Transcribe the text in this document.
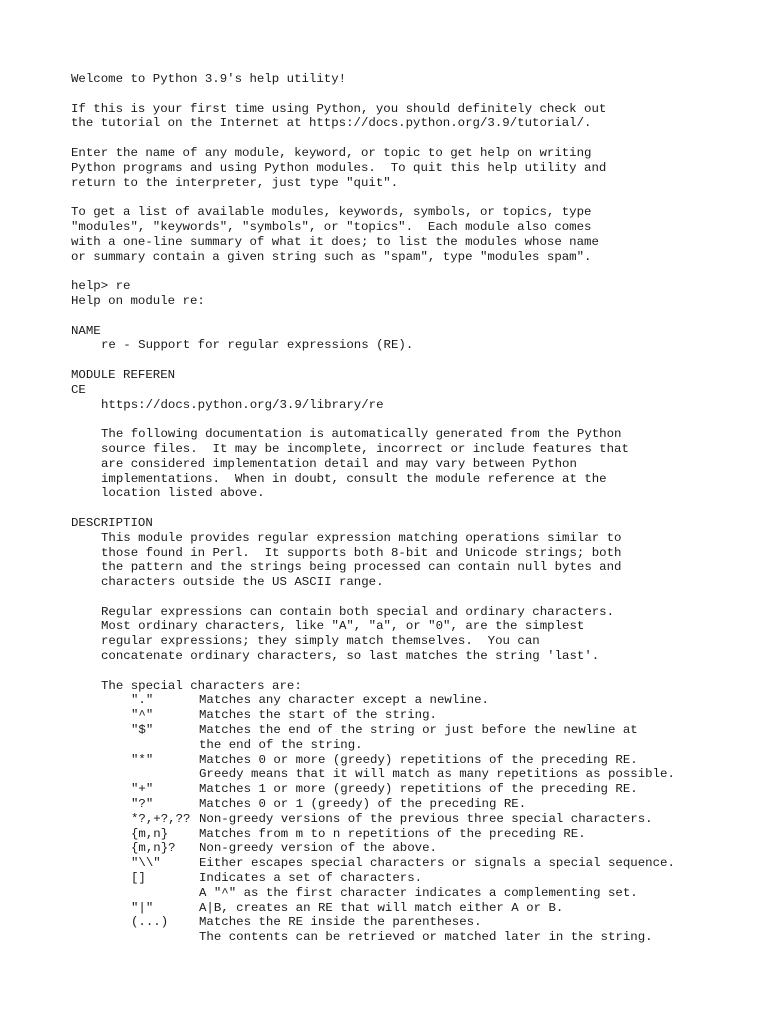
Welcome to Python 3.9's help utility!
If this is your first time using Python, you should definitely check out
the tutorial on the Internet at https://docs.python.org/3.9/tutorial/.
Enter the name of any module, keyword, or topic to get help on writing
Python programs and using Python modules.  To quit this help utility and
return to the interpreter, just type "quit".
To get a list of available modules, keywords, symbols, or topics, type
"modules", "keywords", "symbols", or "topics".  Each module also comes
with a one-line summary of what it does; to list the modules whose name
or summary contain a given string such as "spam", type "modules spam".
help> re
Help on module re:
NAME
re - Support for regular expressions (RE).
MODULE REFEREN
CE
https://docs.python.org/3.9/library/re
The following documentation is automatically generated from the Python
source files.  It may be incomplete, incorrect or include features that
are considered implementation detail and may vary between Python
implementations.  When in doubt, consult the module reference at the
location listed above.
DESCRIPTION
This module provides regular expression matching operations similar to
those found in Perl.  It supports both 8-bit and Unicode strings; both
the pattern and the strings being processed can contain null bytes and
characters outside the US ASCII range.
Regular expressions can contain both special and ordinary characters.
Most ordinary characters, like "A", "a", or "0", are the simplest
regular expressions; they simply match themselves.  You can
concatenate ordinary characters, so last matches the string 'last'.
The special characters are:
"."	Matches any character except a newline.
"^"	Matches the start of the string.
"$"	Matches the end of the string or just before the newline at
the end of the string.
"*"	Matches 0 or more (greedy) repetitions of the preceding RE.
Greedy means that it will match as many repetitions as possible.
"+"	Matches 1 or more (greedy) repetitions of the preceding RE.
"?"	Matches 0 or 1 (greedy) of the preceding RE.
*?,+?,?? Non-greedy versions of the previous three special characters.
{m,n} Matches from m to n repetitions of the preceding RE.
{m,n}? Non-greedy version of the above.
"\\"	Either escapes special characters or signals a special sequence.
[]	Indicates a set of characters.
A "^" as the first character indicates a complementing set.
"|"	A|B, creates an RE that will match either A or B.
(...) Matches the RE inside the parentheses.
The contents can be retrieved or matched later in the string.
